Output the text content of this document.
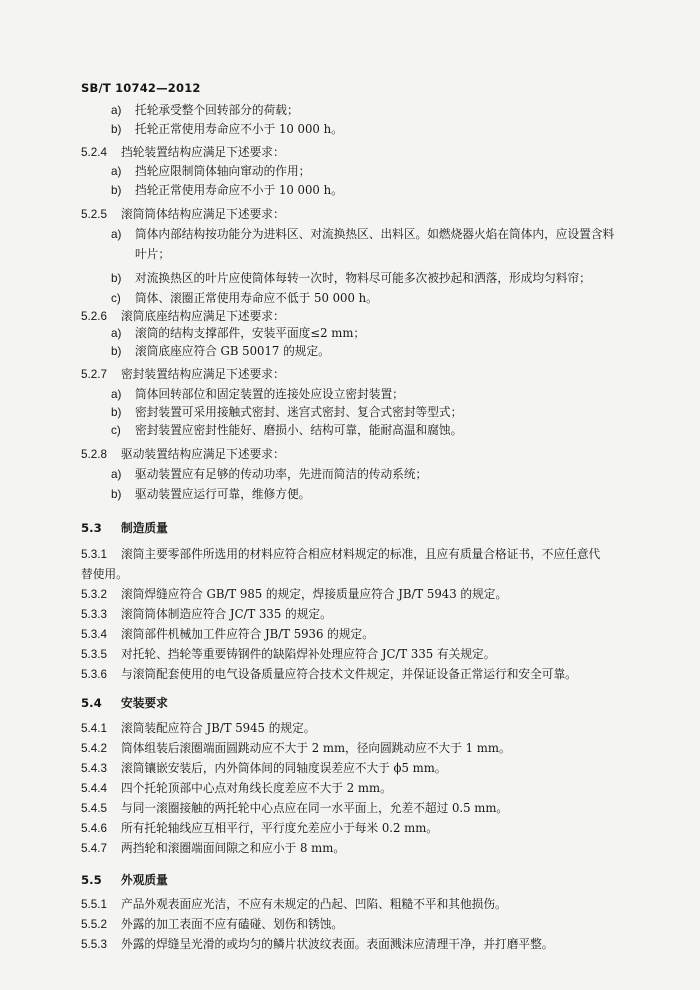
SB/T 10742—2012
a) 托轮承受整个回转部分的荷载；
b) 托轮正常使用寿命应不小于 10 000 h。
5.2.4 挡轮装置结构应满足下述要求：
a) 挡轮应限制筒体轴向窜动的作用；
b) 挡轮正常使用寿命应不小于 10 000 h。
5.2.5 滚筒筒体结构应满足下述要求：
a) 筒体内部结构按功能分为进料区、对流换热区、出料区。如燃烧器火焰在筒体内，应设置含料
叶片；
b) 对流换热区的叶片应使筒体每转一次时，物料尽可能多次被抄起和洒落，形成均匀料帘；
c) 筒体、滚圈正常使用寿命应不低于 50 000 h。
5.2.6 滚筒底座结构应满足下述要求：
a) 滚筒的结构支撑部件，安装平面度≤2 mm；
b) 滚筒底座应符合 GB 50017 的规定。
5.2.7 密封装置结构应满足下述要求：
a) 筒体回转部位和固定装置的连接处应设立密封装置；
b) 密封装置可采用接触式密封、迷宫式密封、复合式密封等型式；
c) 密封装置应密封性能好、磨损小、结构可靠，能耐高温和腐蚀。
5.2.8 驱动装置结构应满足下述要求：
a) 驱动装置应有足够的传动功率，先进而简洁的传动系统；
b) 驱动装置应运行可靠，维修方便。
5.3 制造质量
5.3.1 滚筒主要零部件所选用的材料应符合相应材料规定的标准，且应有质量合格证书，不应任意代
替使用。
5.3.2 滚筒焊缝应符合 GB/T 985 的规定，焊接质量应符合 JB/T 5943 的规定。
5.3.3 滚筒筒体制造应符合 JC/T 335 的规定。
5.3.4 滚筒部件机械加工件应符合 JB/T 5936 的规定。
5.3.5 对托轮、挡轮等重要铸钢件的缺陷焊补处理应符合 JC/T 335 有关规定。
5.3.6 与滚筒配套使用的电气设备质量应符合技术文件规定，并保证设备正常运行和安全可靠。
5.4 安装要求
5.4.1 滚筒装配应符合 JB/T 5945 的规定。
5.4.2 筒体组装后滚圈端面圆跳动应不大于 2 mm，径向圆跳动应不大于 1 mm。
5.4.3 滚筒镶嵌安装后，内外筒体间的同轴度误差应不大于 ϕ5 mm。
5.4.4 四个托轮顶部中心点对角线长度差应不大于 2 mm。
5.4.5 与同一滚圈接触的两托轮中心点应在同一水平面上，允差不超过 0.5 mm。
5.4.6 所有托轮轴线应互相平行，平行度允差应小于每米 0.2 mm。
5.4.7 两挡轮和滚圈端面间隙之和应小于 8 mm。
5.5 外观质量
5.5.1 产品外观表面应光洁，不应有未规定的凸起、凹陷、粗糙不平和其他损伤。
5.5.2 外露的加工表面不应有磕碰、划伤和锈蚀。
5.5.3 外露的焊缝呈光滑的或均匀的鳞片状波纹表面。表面溅沫应清理干净，并打磨平整。
